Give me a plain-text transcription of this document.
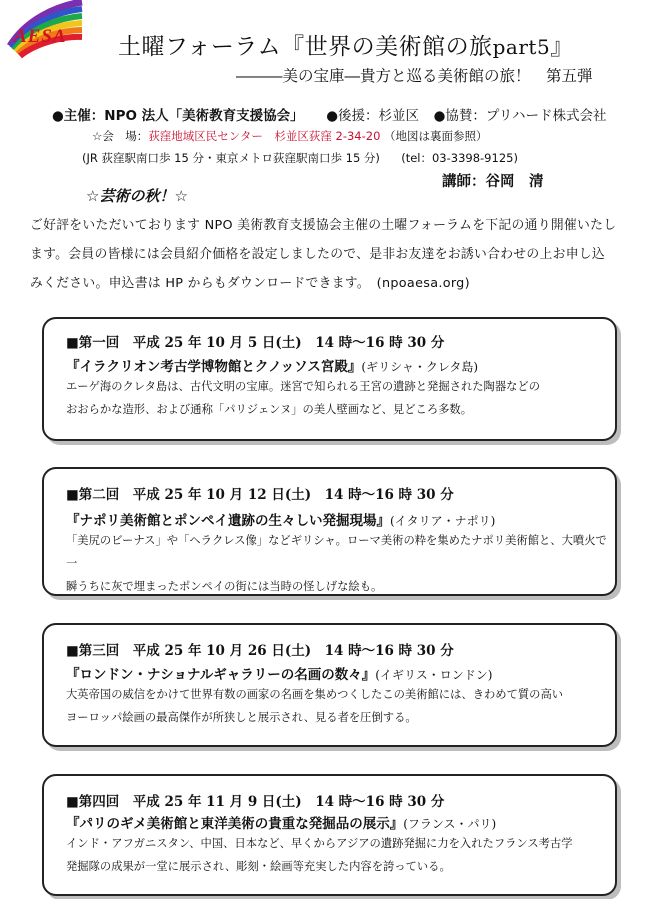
AESA 土曜フォーラム『世界の美術館の旅part5』
―――美の宝庫―貴方と巡る美術館の旅！　第五弾
●主催：NPO 法人「美術教育支援協会」 ●後援：杉並区 ●協賛：プリハード株式会社
☆会　場：荻窪地域区民センター　杉並区荻窪 2-34-20 （地図は裏面参照）
(JR 荻窪駅南口歩 15 分・東京メトロ荻窪駅南口歩 15 分) (tel：03-3398-9125)
講師：谷岡　清
☆芸術の秋！☆
ご好評をいただいております NPO 美術教育支援協会主催の土曜フォーラムを下記の通り開催いたし
ます。会員の皆様には会員紹介価格を設定しましたので、是非お友達をお誘い合わせの上お申し込
みください。申込書は HP からもダウンロードできます。　(npoaesa.org)
■第一回　平成 25 年 10 月 5 日(土)　14 時〜16 時 30 分
『イラクリオン考古学博物館とクノッソス宮殿』(ギリシャ・クレタ島)
エーゲ海のクレタ島は、古代文明の宝庫。迷宮で知られる王宮の遺跡と発掘された陶器などの
おおらかな造形、および通称「パリジェンヌ」の美人壁画など、見どころ多数。
■第二回　平成 25 年 10 月 12 日(土)　14 時〜16 時 30 分
『ナポリ美術館とポンペイ遺跡の生々しい発掘現場』(イタリア・ナポリ)
「美尻のビーナス」や「ヘラクレス像」などギリシャ。ローマ美術の粋を集めたナポリ美術館と、大噴火で一
瞬うちに灰で埋まったポンペイの街には当時の怪しげな絵も。
■第三回　平成 25 年 10 月 26 日(土)　14 時〜16 時 30 分
『ロンドン・ナショナルギャラリーの名画の数々』(イギリス・ロンドン)
大英帝国の威信をかけて世界有数の画家の名画を集めつくしたこの美術館には、きわめて質の高い
ヨーロッパ絵画の最高傑作が所狭しと展示され、見る者を圧倒する。
■第四回　平成 25 年 11 月 9 日(土)　14 時〜16 時 30 分
『パリのギメ美術館と東洋美術の貴重な発掘品の展示』(フランス・パリ)
インド・アフガニスタン、中国、日本など、早くからアジアの遺跡発掘に力を入れたフランス考古学
発掘隊の成果が一堂に展示され、彫刻・絵画等充実した内容を誇っている。
